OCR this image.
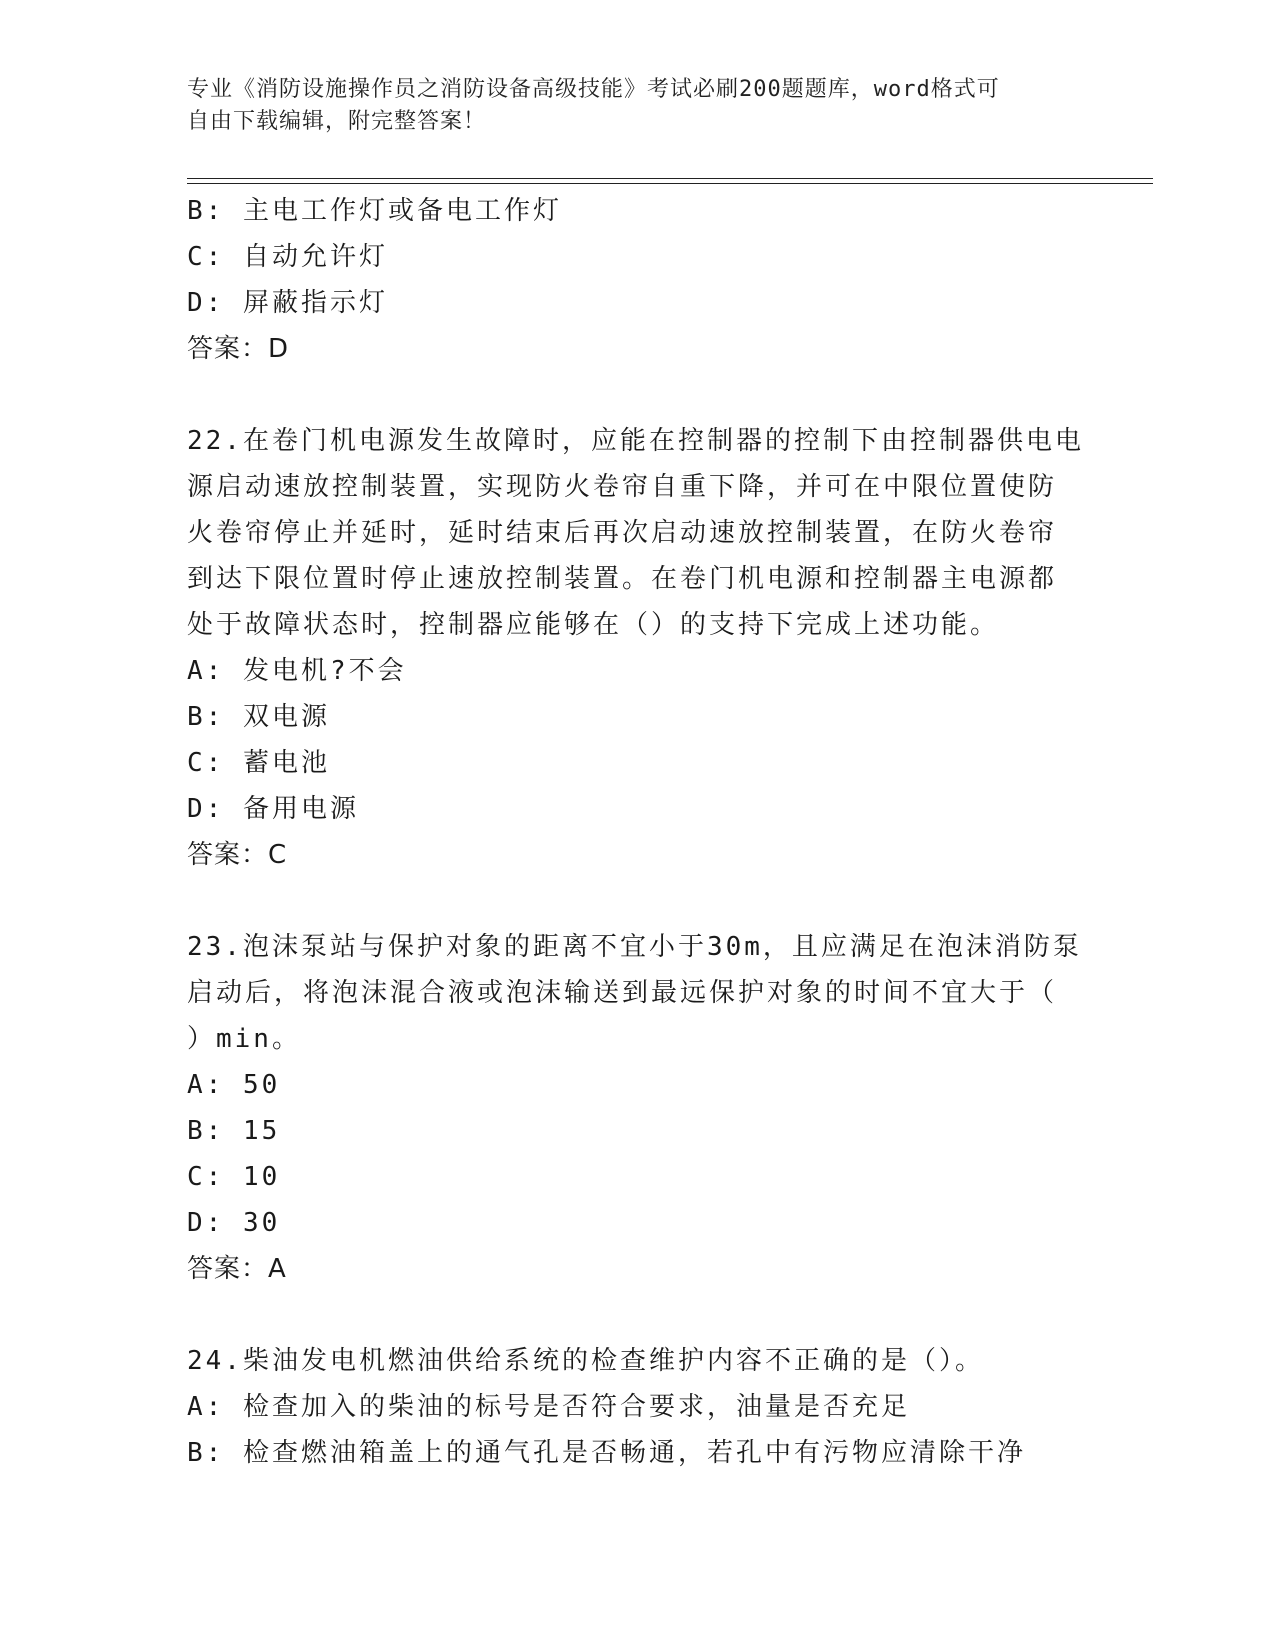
专业《消防设施操作员之消防设备高级技能》考试必刷200题题库，word格式可
自由下载编辑，附完整答案！
B: 主电工作灯或备电工作灯
C: 自动允许灯
D: 屏蔽指示灯
答案：D
22.在卷门机电源发生故障时，应能在控制器的控制下由控制器供电电
源启动速放控制装置，实现防火卷帘自重下降，并可在中限位置使防
火卷帘停止并延时，延时结束后再次启动速放控制装置，在防火卷帘
到达下限位置时停止速放控制装置。在卷门机电源和控制器主电源都
处于故障状态时，控制器应能够在（）的支持下完成上述功能。
A: 发电机?不会
B: 双电源
C: 蓄电池
D: 备用电源
答案：C
23.泡沫泵站与保护对象的距离不宜小于30m，且应满足在泡沫消防泵
启动后，将泡沫混合液或泡沫输送到最远保护对象的时间不宜大于（
）min。
A: 50
B: 15
C: 10
D: 30
答案：A
24.柴油发电机燃油供给系统的检查维护内容不正确的是（）。
A: 检查加入的柴油的标号是否符合要求，油量是否充足
B: 检查燃油箱盖上的通气孔是否畅通，若孔中有污物应清除干净
